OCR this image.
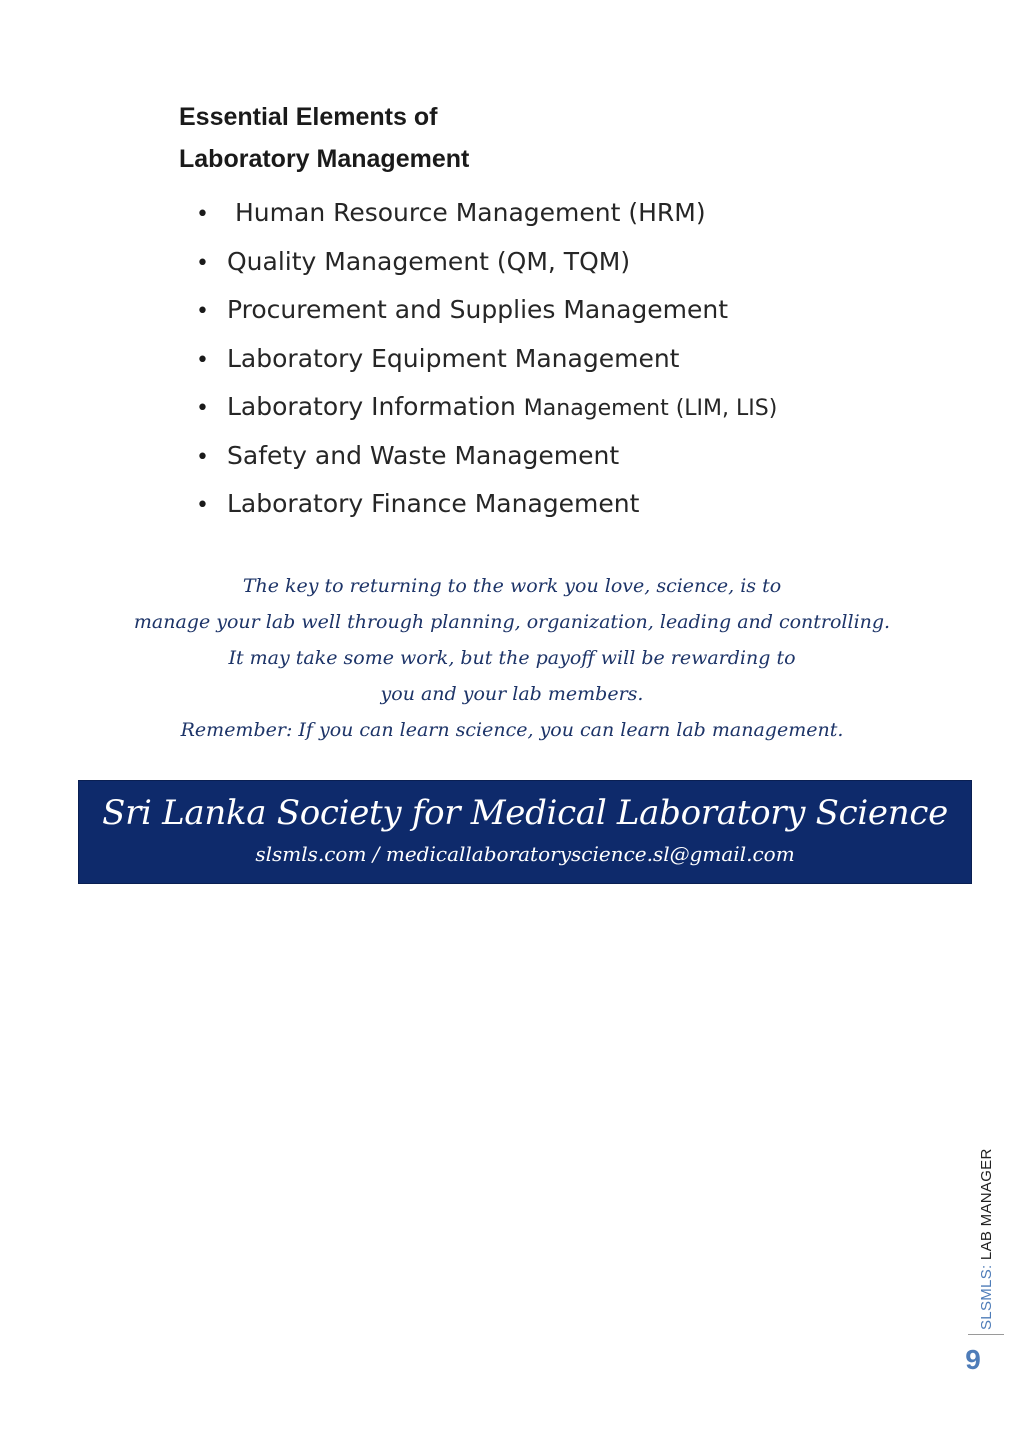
Essential Elements of
Laboratory Management
• Human Resource Management (HRM)
• Quality Management (QM, TQM)
• Procurement and Supplies Management
• Laboratory Equipment Management
• Laboratory Information Management (LIM, LIS)
• Safety and Waste Management
• Laboratory Finance Management
The key to returning to the work you love, science, is to
manage your lab well through planning, organization, leading and controlling.
It may take some work, but the payoff will be rewarding to
you and your lab members.
Remember: If you can learn science, you can learn lab management.
Sri Lanka Society for Medical Laboratory Science
slsmls.com / medicallaboratoryscience.sl@gmail.com
SLSMLS: LAB MANAGER
9
